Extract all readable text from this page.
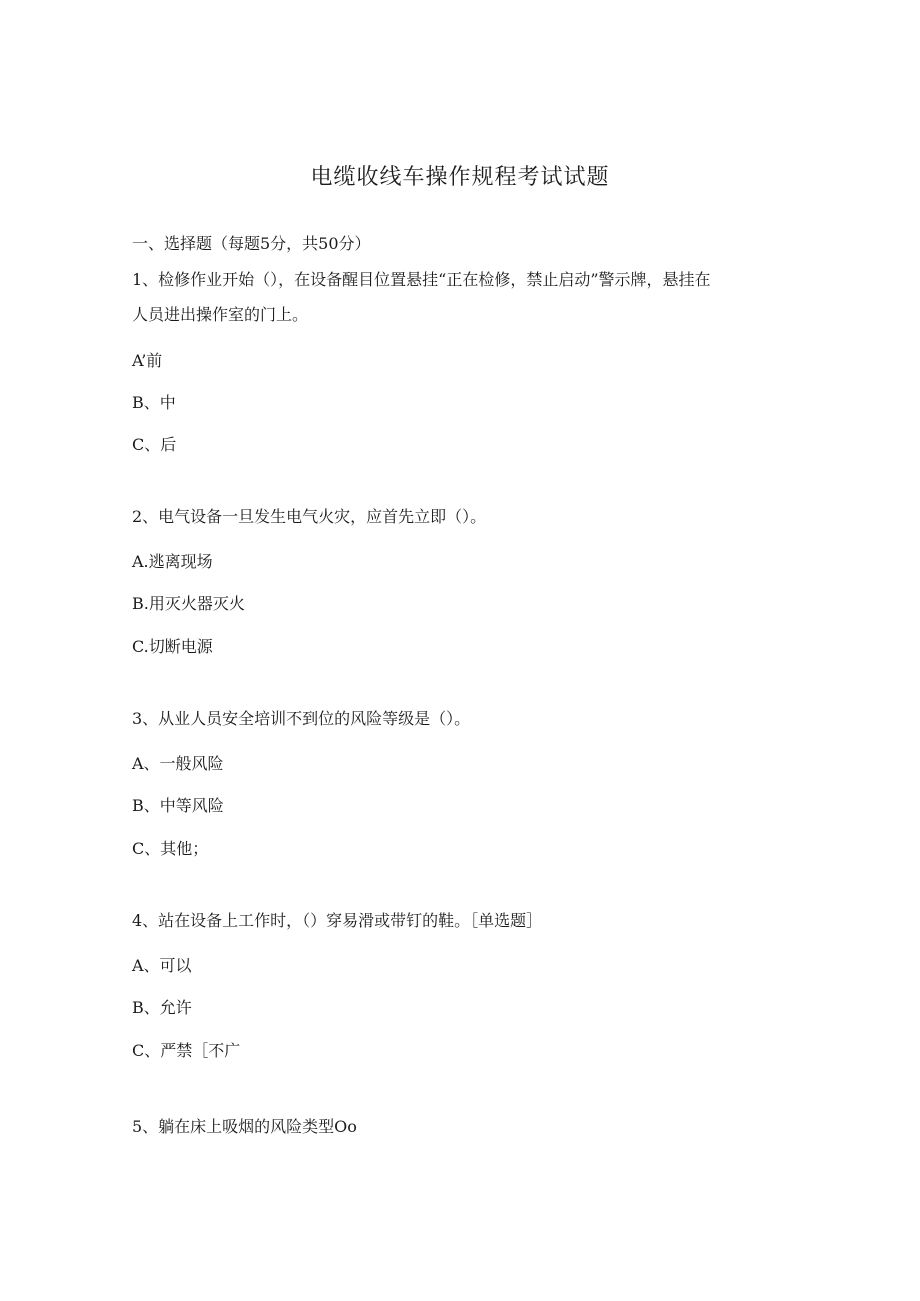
电缆收线车操作规程考试试题
一、选择题（每题5分，共50分）
1、检修作业开始（），在设备醒目位置悬挂“正在检修，禁止启动”警示牌，悬挂在
人员进出操作室的门上。
A’前
B、中
C、后
2、电气设备一旦发生电气火灾，应首先立即（）。
A.逃离现场
B.用灭火器灭火
C.切断电源
3、从业人员安全培训不到位的风险等级是（）。
A、一般风险
B、中等风险
C、其他；
4、站在设备上工作时，（）穿易滑或带钉的鞋。［单选题］
A、可以
B、允许
C、严禁［不广
5、躺在床上吸烟的风险类型Oo
